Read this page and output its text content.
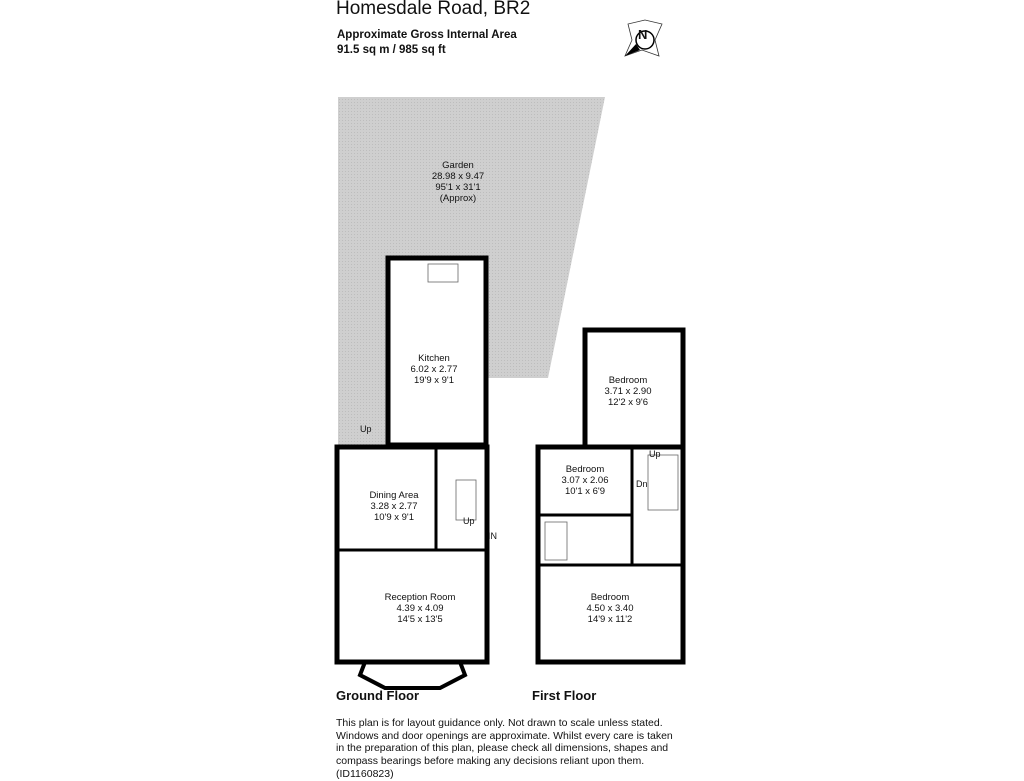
Homesdale Road, BR2
Approximate Gross Internal Area
91.5 sq m / 985 sq ft
Garden
28.98 x 9.47
95'1 x 31'1
(Approx)
Kitchen
6.02 x 2.77
19'9 x 9'1
Dining Area
3.28 x 2.77
10'9 x 9'1
Reception Room
4.39 x 4.09
14'5 x 13'5
Bedroom
3.71 x 2.90
12'2 x 9'6
Bedroom
3.07 x 2.06
10'1 x 6'9
Bedroom
4.50 x 3.40
14'9 x 11'2
Up
Up
IN
Up
Dn
N
Ground Floor	First Floor
This plan is for layout guidance only. Not drawn to scale unless stated. Windows and door openings are approximate. Whilst every care is taken in the preparation of this plan, please check all dimensions, shapes and compass bearings before making any decisions reliant upon them. (ID1160823)
